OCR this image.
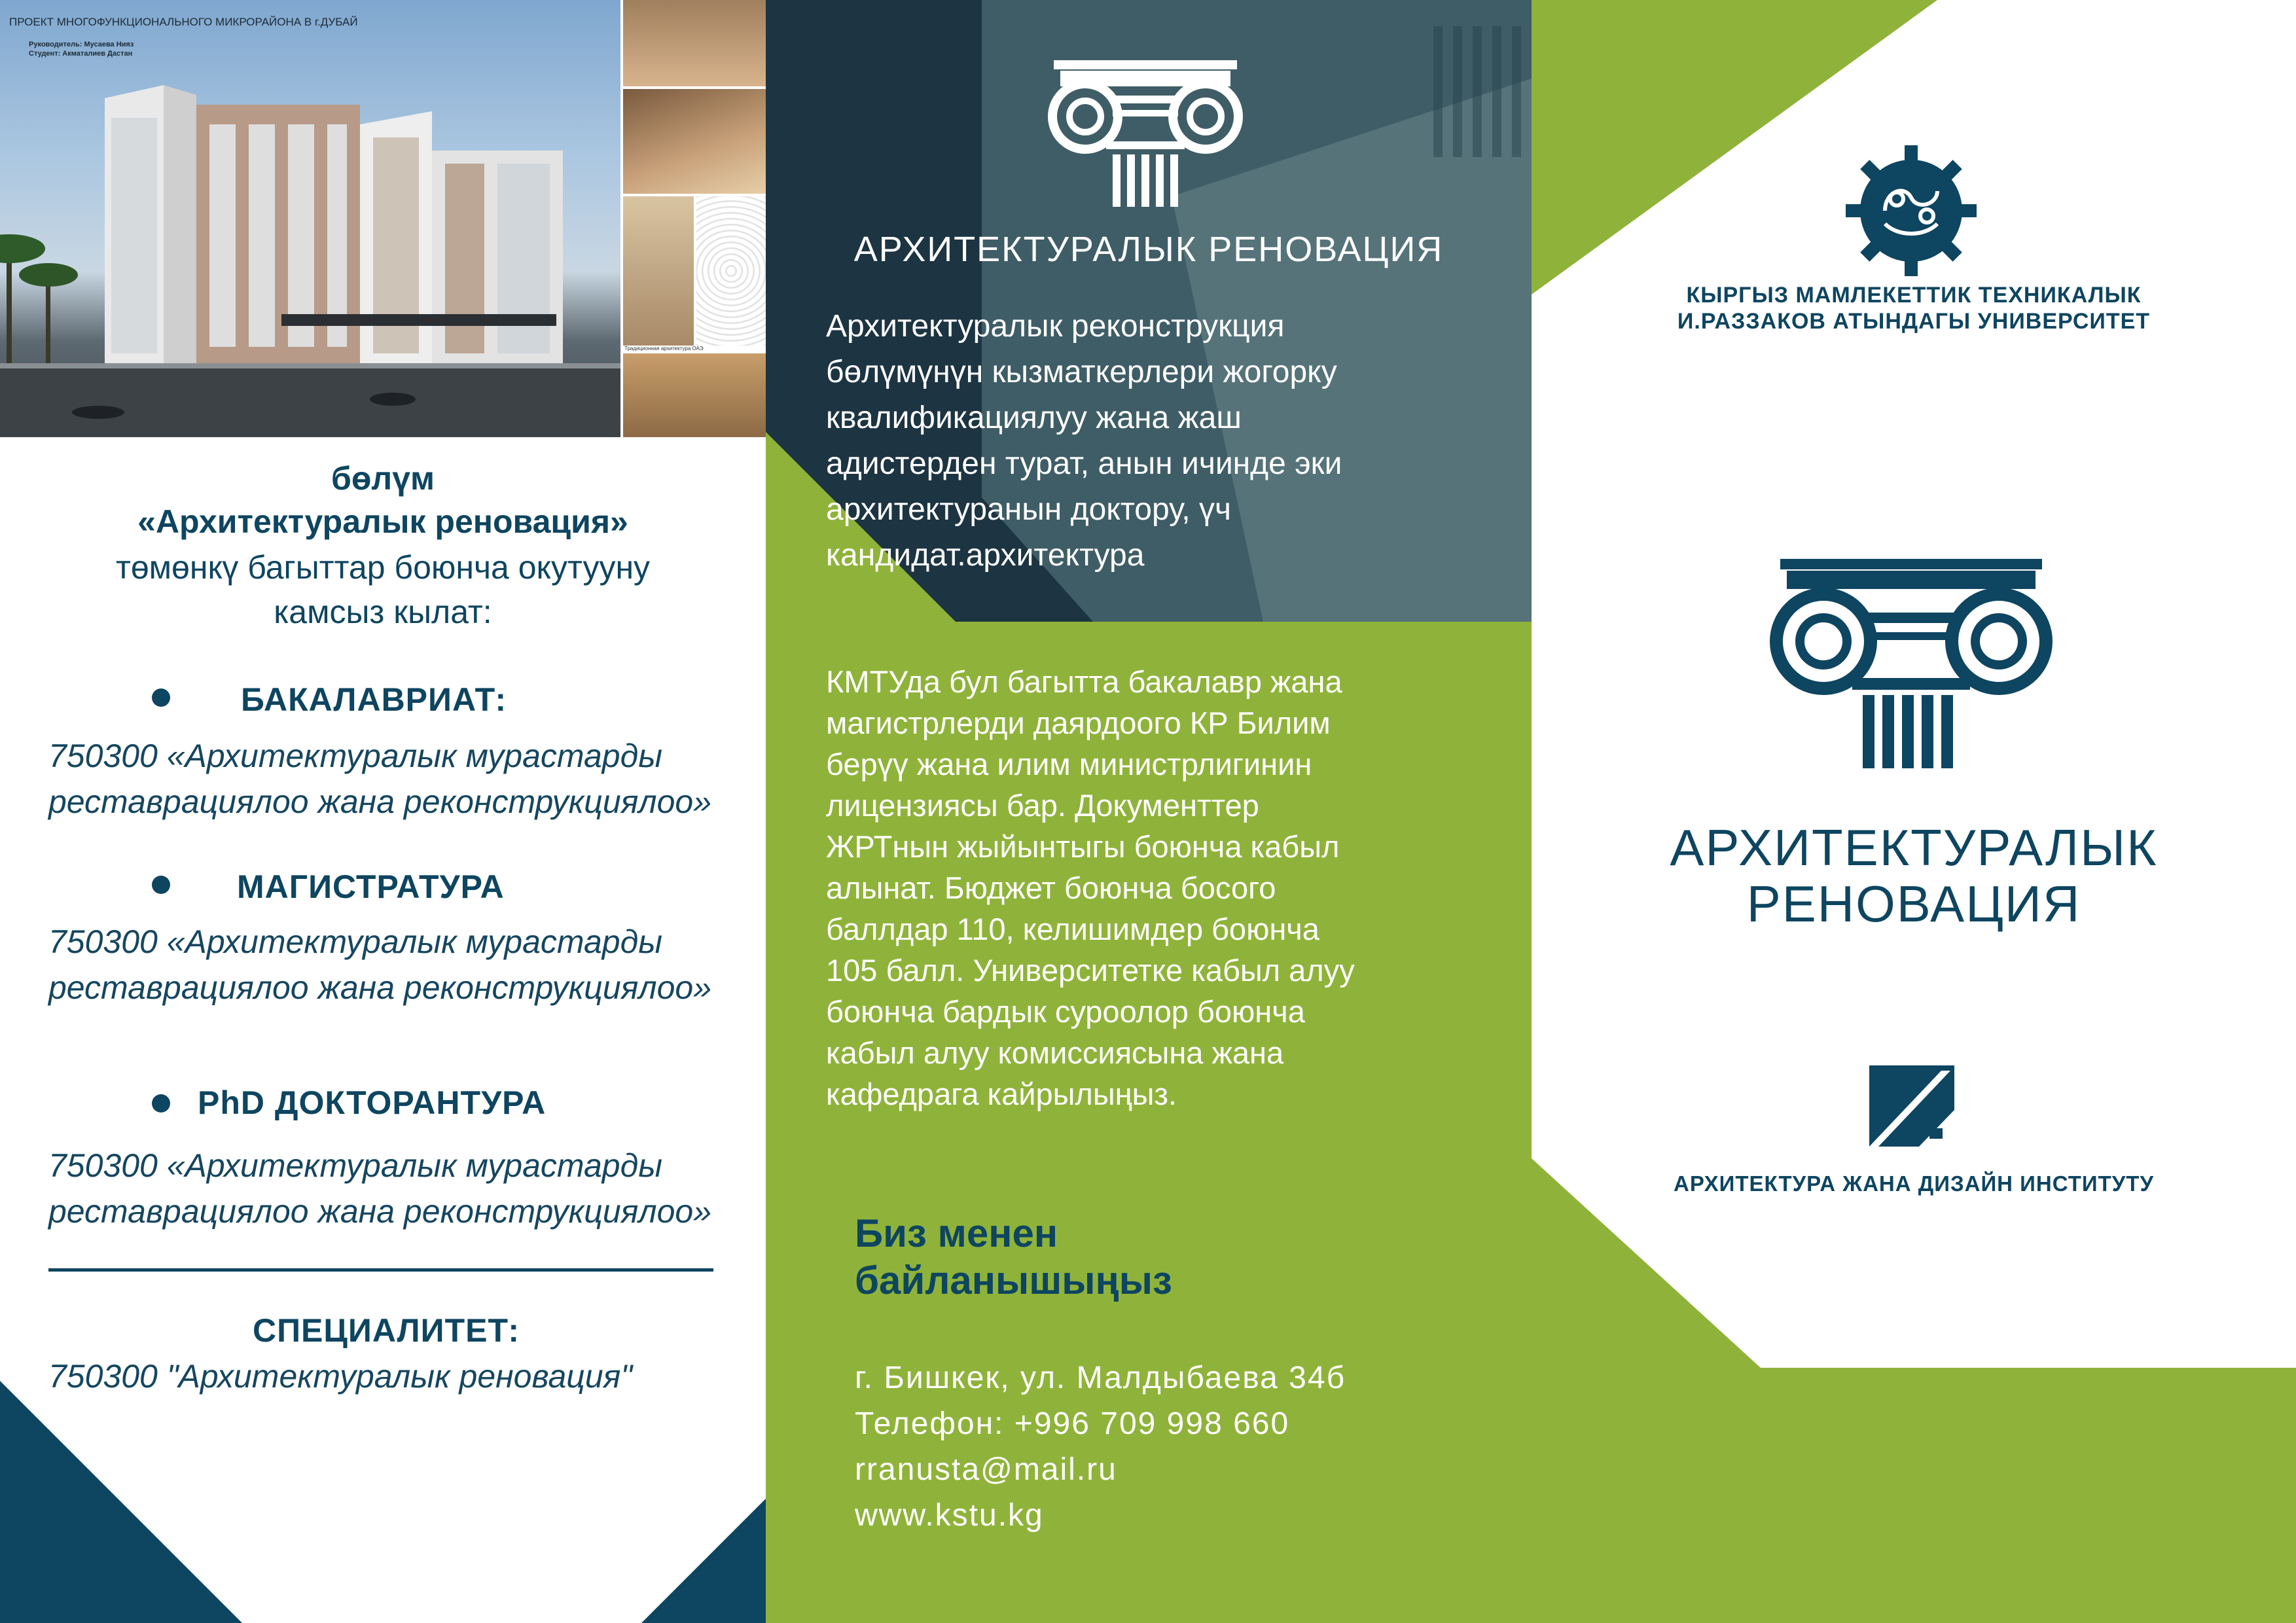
ПРОЕКТ МНОГОФУНКЦИОНАЛЬНОГО МИКРОРАЙОНА В г.ДУБАЙ
Руководитель: Мусаева Нияз
Студент: Акматалиев Дастан
Традиционная архитектура ОАЭ
бөлүм
«Архитектуралык реновация»
төмөнкү багыттар боюнча окутууну
камсыз кылат:
БАКАЛАВРИАТ:
750300 «Архитектуралык мурастарды
реставрациялоо жана реконструкциялоо»
МАГИСТРАТУРА
750300 «Архитектуралык мурастарды
реставрациялоо жана реконструкциялоо»
PhD ДОКТОРАНТУРА
750300 «Архитектуралык мурастарды
реставрациялоо жана реконструкциялоо»
СПЕЦИАЛИТЕТ:
750300 "Архитектуралык реновация"
АРХИТЕКТУРАЛЫК РЕНОВАЦИЯ
Архитектуралык реконструкция
бөлүмүнүн кызматкерлери жогорку
квалификациялуу жана жаш
адистерден турат, анын ичинде эки
архитектуранын доктору, үч
кандидат.архитектура
КМТУда бул багытта бакалавр жана
магистрлерди даярдоого КР Билим
берүү жана илим министрлигинин
лицензиясы бар. Документтер
ЖРТнын жыйынтыгы боюнча кабыл
алынат. Бюджет боюнча босого
баллдар 110, келишимдер боюнча
105 балл. Университетке кабыл алуу
боюнча бардык суроолор боюнча
кабыл алуу комиссиясына жана
кафедрага кайрылыңыз.
Биз менен
байланышыңыз
г. Бишкек, ул. Малдыбаева 34б
Телефон: +996 709 998 660
rranusta@mail.ru
www.kstu.kg
КЫРГЫЗ МАМЛЕКЕТТИК ТЕХНИКАЛЫК
И.РАЗЗАКОВ АТЫНДАГЫ УНИВЕРСИТЕТ
АРХИТЕКТУРАЛЫК
РЕНОВАЦИЯ
АРХИТЕКТУРА ЖАНА ДИЗАЙН ИНСТИТУТУ
